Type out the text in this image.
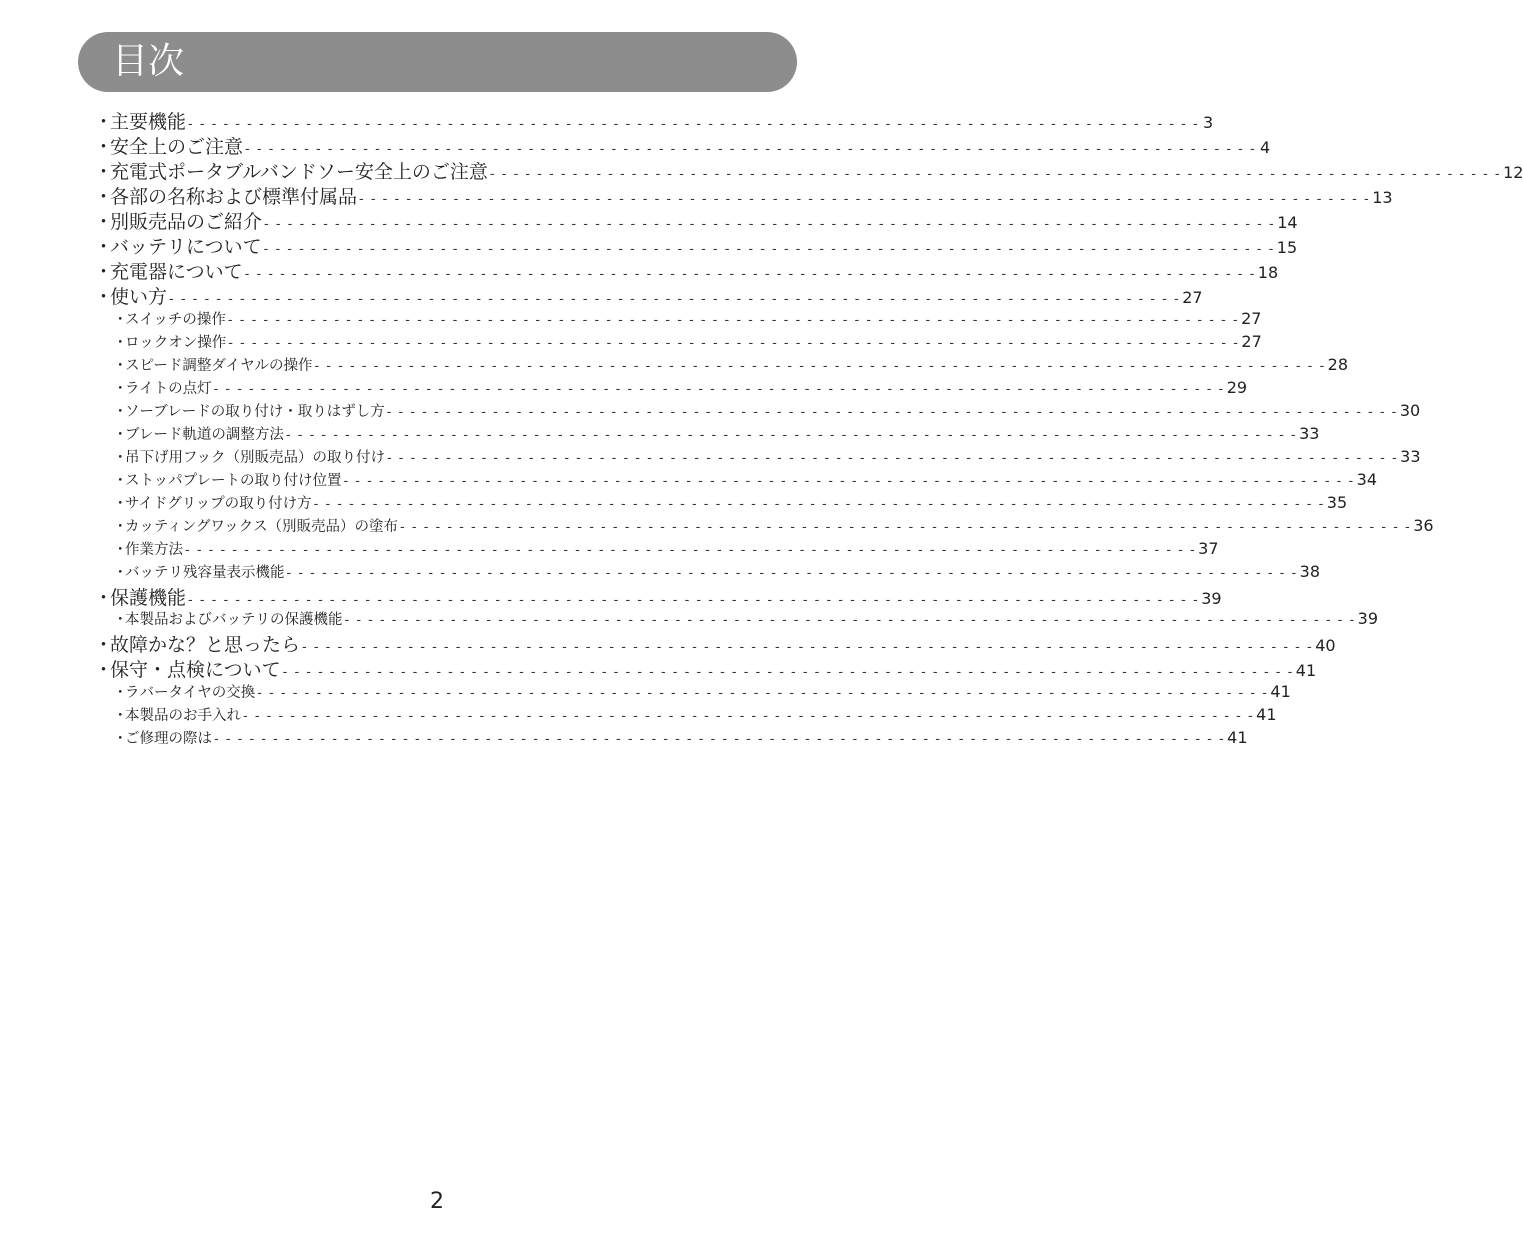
目次
・
主要機能 - - - - - - - - - - - - - - - - - - - - - - - - - - - - - - - - - - - - - - - - - - - - - - - - - - - - - - - - - - - - - - - - - - - - - - - - - - - - - - - - - - - - - - 3
・
安全上のご注意 - - - - - - - - - - - - - - - - - - - - - - - - - - - - - - - - - - - - - - - - - - - - - - - - - - - - - - - - - - - - - - - - - - - - - - - - - - - - - - - - - - - - - - 4
・
充電式ポータブルバンドソー安全上のご注意 - - - - - - - - - - - - - - - - - - - - - - - - - - - - - - - - - - - - - - - - - - - - - - - - - - - - - - - - - - - - - - - - - - - - - - - - - - - - - - - - - - - - - - 12
・
各部の名称および標準付属品 - - - - - - - - - - - - - - - - - - - - - - - - - - - - - - - - - - - - - - - - - - - - - - - - - - - - - - - - - - - - - - - - - - - - - - - - - - - - - - - - - - - - - - 13
・
別販売品のご紹介 - - - - - - - - - - - - - - - - - - - - - - - - - - - - - - - - - - - - - - - - - - - - - - - - - - - - - - - - - - - - - - - - - - - - - - - - - - - - - - - - - - - - - - 14
・
バッテリについて - - - - - - - - - - - - - - - - - - - - - - - - - - - - - - - - - - - - - - - - - - - - - - - - - - - - - - - - - - - - - - - - - - - - - - - - - - - - - - - - - - - - - - 15
・
充電器について - - - - - - - - - - - - - - - - - - - - - - - - - - - - - - - - - - - - - - - - - - - - - - - - - - - - - - - - - - - - - - - - - - - - - - - - - - - - - - - - - - - - - - 18
・
使い方 - - - - - - - - - - - - - - - - - - - - - - - - - - - - - - - - - - - - - - - - - - - - - - - - - - - - - - - - - - - - - - - - - - - - - - - - - - - - - - - - - - - - - - 27
・
スイッチの操作 - - - - - - - - - - - - - - - - - - - - - - - - - - - - - - - - - - - - - - - - - - - - - - - - - - - - - - - - - - - - - - - - - - - - - - - - - - - - - - - - - - - - - - 27
・
ロックオン操作 - - - - - - - - - - - - - - - - - - - - - - - - - - - - - - - - - - - - - - - - - - - - - - - - - - - - - - - - - - - - - - - - - - - - - - - - - - - - - - - - - - - - - - 27
・
スピード調整ダイヤルの操作 - - - - - - - - - - - - - - - - - - - - - - - - - - - - - - - - - - - - - - - - - - - - - - - - - - - - - - - - - - - - - - - - - - - - - - - - - - - - - - - - - - - - - - 28
・
ライトの点灯 - - - - - - - - - - - - - - - - - - - - - - - - - - - - - - - - - - - - - - - - - - - - - - - - - - - - - - - - - - - - - - - - - - - - - - - - - - - - - - - - - - - - - - 29
・
ソーブレードの取り付け・取りはずし方 - - - - - - - - - - - - - - - - - - - - - - - - - - - - - - - - - - - - - - - - - - - - - - - - - - - - - - - - - - - - - - - - - - - - - - - - - - - - - - - - - - - - - - 30
・
ブレード軌道の調整方法 - - - - - - - - - - - - - - - - - - - - - - - - - - - - - - - - - - - - - - - - - - - - - - - - - - - - - - - - - - - - - - - - - - - - - - - - - - - - - - - - - - - - - - 33
・
吊下げ用フック（別販売品）の取り付け - - - - - - - - - - - - - - - - - - - - - - - - - - - - - - - - - - - - - - - - - - - - - - - - - - - - - - - - - - - - - - - - - - - - - - - - - - - - - - - - - - - - - - 33
・
ストッパプレートの取り付け位置 - - - - - - - - - - - - - - - - - - - - - - - - - - - - - - - - - - - - - - - - - - - - - - - - - - - - - - - - - - - - - - - - - - - - - - - - - - - - - - - - - - - - - - 34
・
サイドグリップの取り付け方 - - - - - - - - - - - - - - - - - - - - - - - - - - - - - - - - - - - - - - - - - - - - - - - - - - - - - - - - - - - - - - - - - - - - - - - - - - - - - - - - - - - - - - 35
・
カッティングワックス（別販売品）の塗布 - - - - - - - - - - - - - - - - - - - - - - - - - - - - - - - - - - - - - - - - - - - - - - - - - - - - - - - - - - - - - - - - - - - - - - - - - - - - - - - - - - - - - - 36
・
作業方法 - - - - - - - - - - - - - - - - - - - - - - - - - - - - - - - - - - - - - - - - - - - - - - - - - - - - - - - - - - - - - - - - - - - - - - - - - - - - - - - - - - - - - - 37
・
バッテリ残容量表示機能 - - - - - - - - - - - - - - - - - - - - - - - - - - - - - - - - - - - - - - - - - - - - - - - - - - - - - - - - - - - - - - - - - - - - - - - - - - - - - - - - - - - - - - 38
・
保護機能 - - - - - - - - - - - - - - - - - - - - - - - - - - - - - - - - - - - - - - - - - - - - - - - - - - - - - - - - - - - - - - - - - - - - - - - - - - - - - - - - - - - - - - 39
・
本製品およびバッテリの保護機能 - - - - - - - - - - - - - - - - - - - - - - - - - - - - - - - - - - - - - - - - - - - - - - - - - - - - - - - - - - - - - - - - - - - - - - - - - - - - - - - - - - - - - - 39
・
故障かな？と思ったら - - - - - - - - - - - - - - - - - - - - - - - - - - - - - - - - - - - - - - - - - - - - - - - - - - - - - - - - - - - - - - - - - - - - - - - - - - - - - - - - - - - - - - 40
・
保守・点検について - - - - - - - - - - - - - - - - - - - - - - - - - - - - - - - - - - - - - - - - - - - - - - - - - - - - - - - - - - - - - - - - - - - - - - - - - - - - - - - - - - - - - - 41
・
ラバータイヤの交換 - - - - - - - - - - - - - - - - - - - - - - - - - - - - - - - - - - - - - - - - - - - - - - - - - - - - - - - - - - - - - - - - - - - - - - - - - - - - - - - - - - - - - - 41
・
本製品のお手入れ - - - - - - - - - - - - - - - - - - - - - - - - - - - - - - - - - - - - - - - - - - - - - - - - - - - - - - - - - - - - - - - - - - - - - - - - - - - - - - - - - - - - - - 41
・
ご修理の際は - - - - - - - - - - - - - - - - - - - - - - - - - - - - - - - - - - - - - - - - - - - - - - - - - - - - - - - - - - - - - - - - - - - - - - - - - - - - - - - - - - - - - - 41
2
